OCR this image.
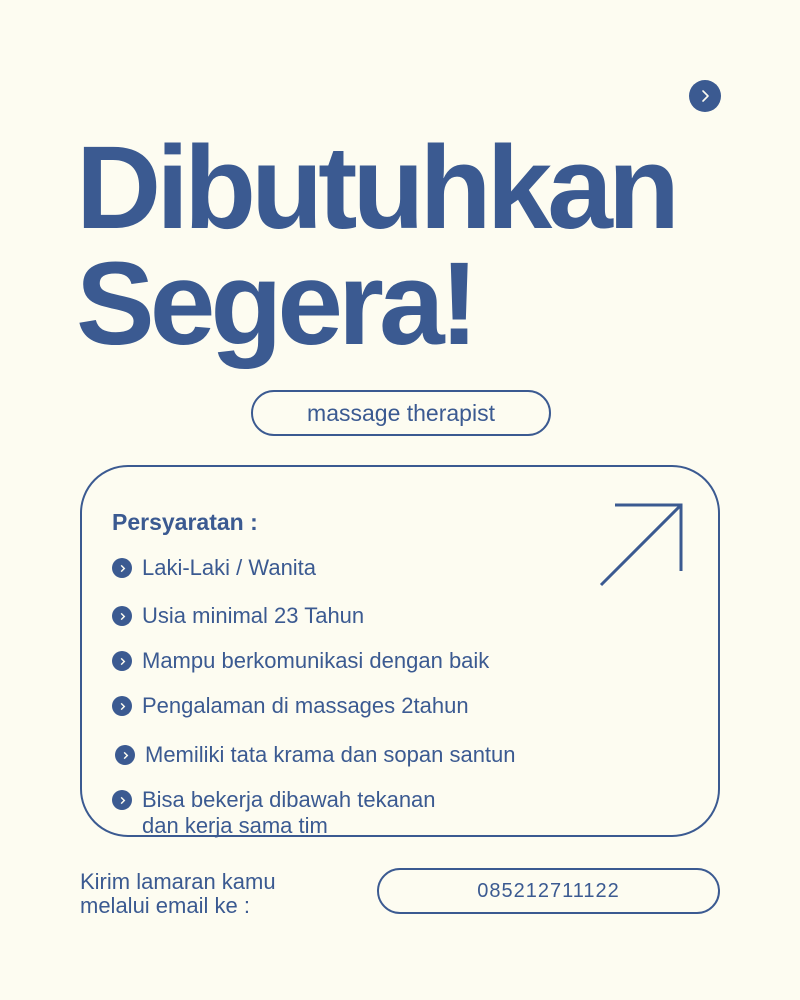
Dibutuhkan
Segera!
massage therapist

Persyaratan :

Laki-Laki / Wanita
Usia minimal 23 Tahun
Mampu berkomunikasi dengan baik
Pengalaman di massages 2tahun
Memiliki tata krama dan sopan santun
Bisa bekerja dibawah tekanan
dan kerja sama tim
Kirim lamaran kamu
melalui email ke :
085212711122
